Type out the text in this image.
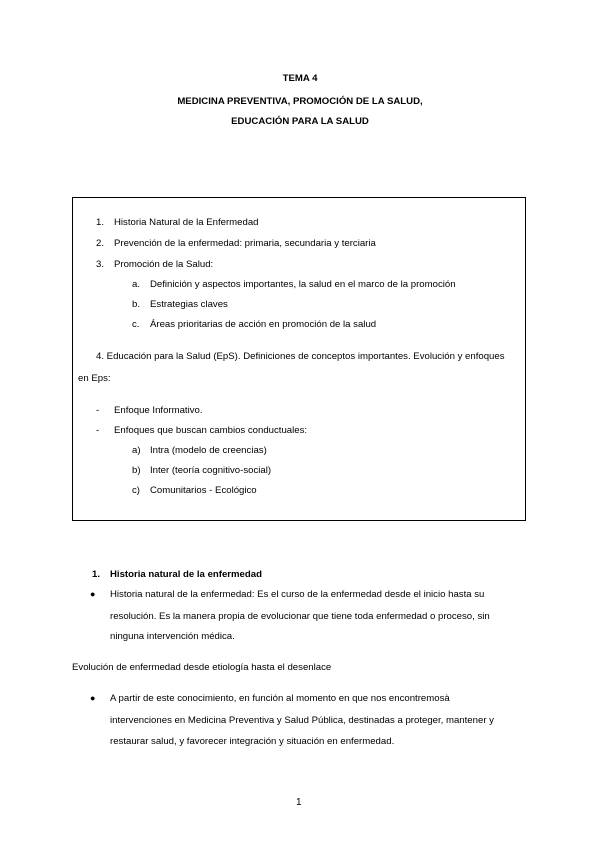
TEMA 4
MEDICINA PREVENTIVA, PROMOCIÓN DE LA SALUD,
EDUCACIÓN PARA LA SALUD
1. Historia Natural de la Enfermedad
2. Prevención de la enfermedad: primaria, secundaria y terciaria
3. Promoción de la Salud:
a. Definición y aspectos importantes, la salud en el marco de la promoción
b. Estrategias claves
c. Áreas prioritarias de acción en promoción de la salud
4. Educación para la Salud (EpS). Definiciones de conceptos importantes. Evolución y enfoques
en Eps:
- Enfoque Informativo.
- Enfoques que buscan cambios conductuales:
a) Intra (modelo de creencias)
b) Inter (teoría cognitivo-social)
c) Comunitarios - Ecológico
1. Historia natural de la enfermedad
● Historia natural de la enfermedad: Es el curso de la enfermedad desde el inicio hasta su
resolución. Es la manera propia de evolucionar que tiene toda enfermedad o proceso, sin
ninguna intervención médica.
Evolución de enfermedad desde etiología hasta el desenlace
● A partir de este conocimiento, en función al momento en que nos encontremosà
intervenciones en Medicina Preventiva y Salud Pública, destinadas a proteger, mantener y
restaurar salud, y favorecer integración y situación en enfermedad.
1
